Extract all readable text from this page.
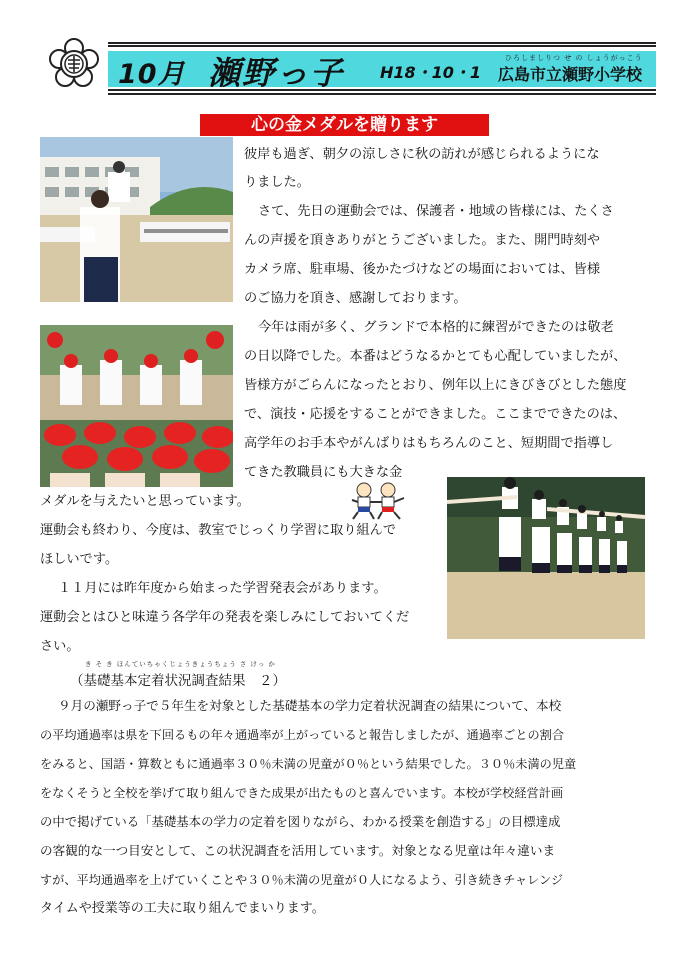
10月 瀬野っ子 H18・10・1
ひろしましりつ せ の しょうがっこう
広島市立瀬野小学校
心の金メダルを贈ります
彼岸も過ぎ、朝夕の涼しさに秋の訪れが感じられるようにな
りました。
さて、先日の運動会では、保護者・地域の皆様には、たくさ
んの声援を頂きありがとうございました。また、開門時刻や
カメラ席、駐車場、後かたづけなどの場面においては、皆様
のご協力を頂き、感謝しております。
今年は雨が多く、グランドで本格的に練習ができたのは敬老
の日以降でした。本番はどうなるかとても心配していましたが、
皆様方がごらんになったとおり、例年以上にきびきびとした態度
で、演技・応援をすることができました。ここまでできたのは、
高学年のお手本やがんばりはもちろんのこと、短期間で指導し
てきた教職員にも大きな金
メダルを与えたいと思っています。
運動会も終わり、今度は、教室でじっくり学習に取り組んで
ほしいです。
１１月には昨年度から始まった学習発表会があります。
運動会とはひと味違う各学年の発表を楽しみにしておいてくだ
さい。
き そ き ほんていちゃくじょうきょうちょう さ けっ か
（基礎基本定着状況調査結果　２）
９月の瀬野っ子で５年生を対象とした基礎基本の学力定着状況調査の結果について、本校
の平均通過率は県を下回るもの年々通過率が上がっていると報告しましたが、通過率ごとの割合
をみると、国語・算数ともに通過率３０％未満の児童が０％という結果でした。３０％未満の児童
をなくそうと全校を挙げて取り組んできた成果が出たものと喜んでいます。本校が学校経営計画
の中で掲げている「基礎基本の学力の定着を図りながら、わかる授業を創造する」の目標達成
の客観的な一つ目安として、この状況調査を活用しています。対象となる児童は年々違いま
すが、平均通過率を上げていくことや３０％未満の児童が０人になるよう、引き続きチャレンジ
タイムや授業等の工夫に取り組んでまいります。
